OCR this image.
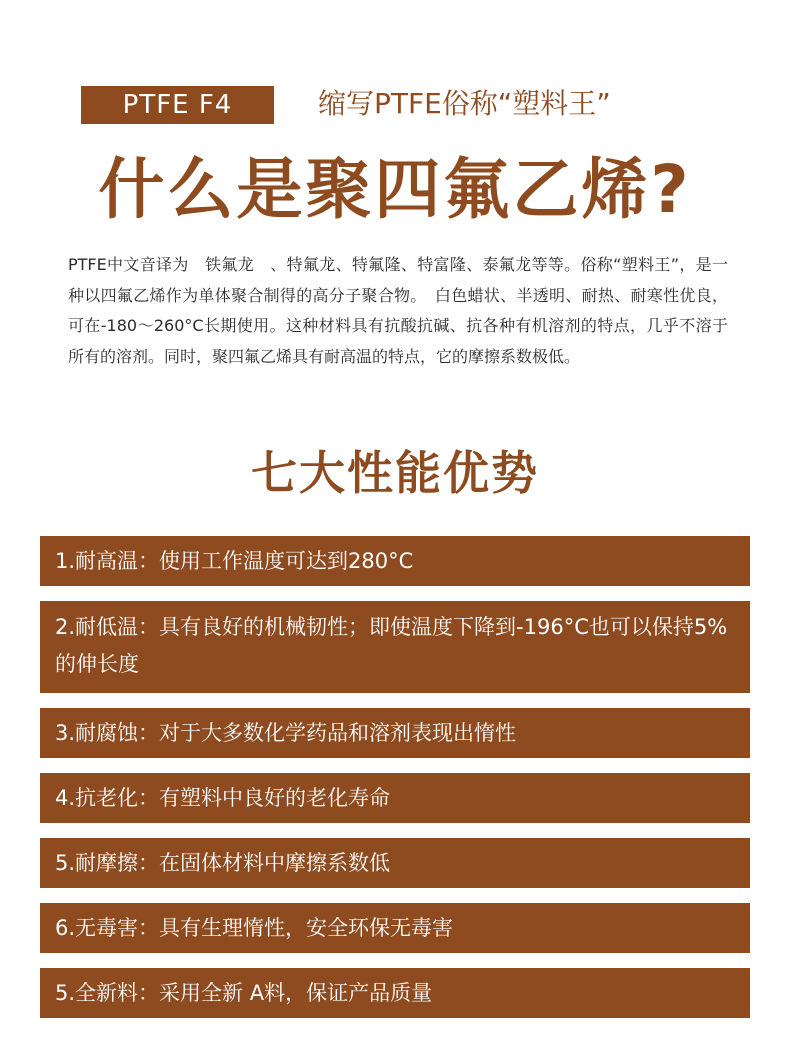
PTFE F4	缩写PTFE俗称“塑料王”
什么是聚四氟乙烯?
PTFE中文音译为　铁氟龙　、特氟龙、特氟隆、特富隆、泰氟龙等等。俗称“塑料王”，是一种以四氟乙烯作为单体聚合制得的高分子聚合物。　白色蜡状、半透明、耐热、耐寒性优良，可在-180～260°C长期使用。这种材料具有抗酸抗碱、抗各种有机溶剂的特点，几乎不溶于所有的溶剂。同时，聚四氟乙烯具有耐高温的特点，它的摩擦系数极低。
七大性能优势
1.耐高温：使用工作温度可达到280°C
2.耐低温：具有良好的机械韧性；即使温度下降到-196°C也可以保持5%的伸长度
3.耐腐蚀：对于大多数化学药品和溶剂表现出惰性
4.抗老化：有塑料中良好的老化寿命
5.耐摩擦：在固体材料中摩擦系数低
6.无毒害：具有生理惰性，安全环保无毒害
5.全新料：采用全新 A料，保证产品质量
